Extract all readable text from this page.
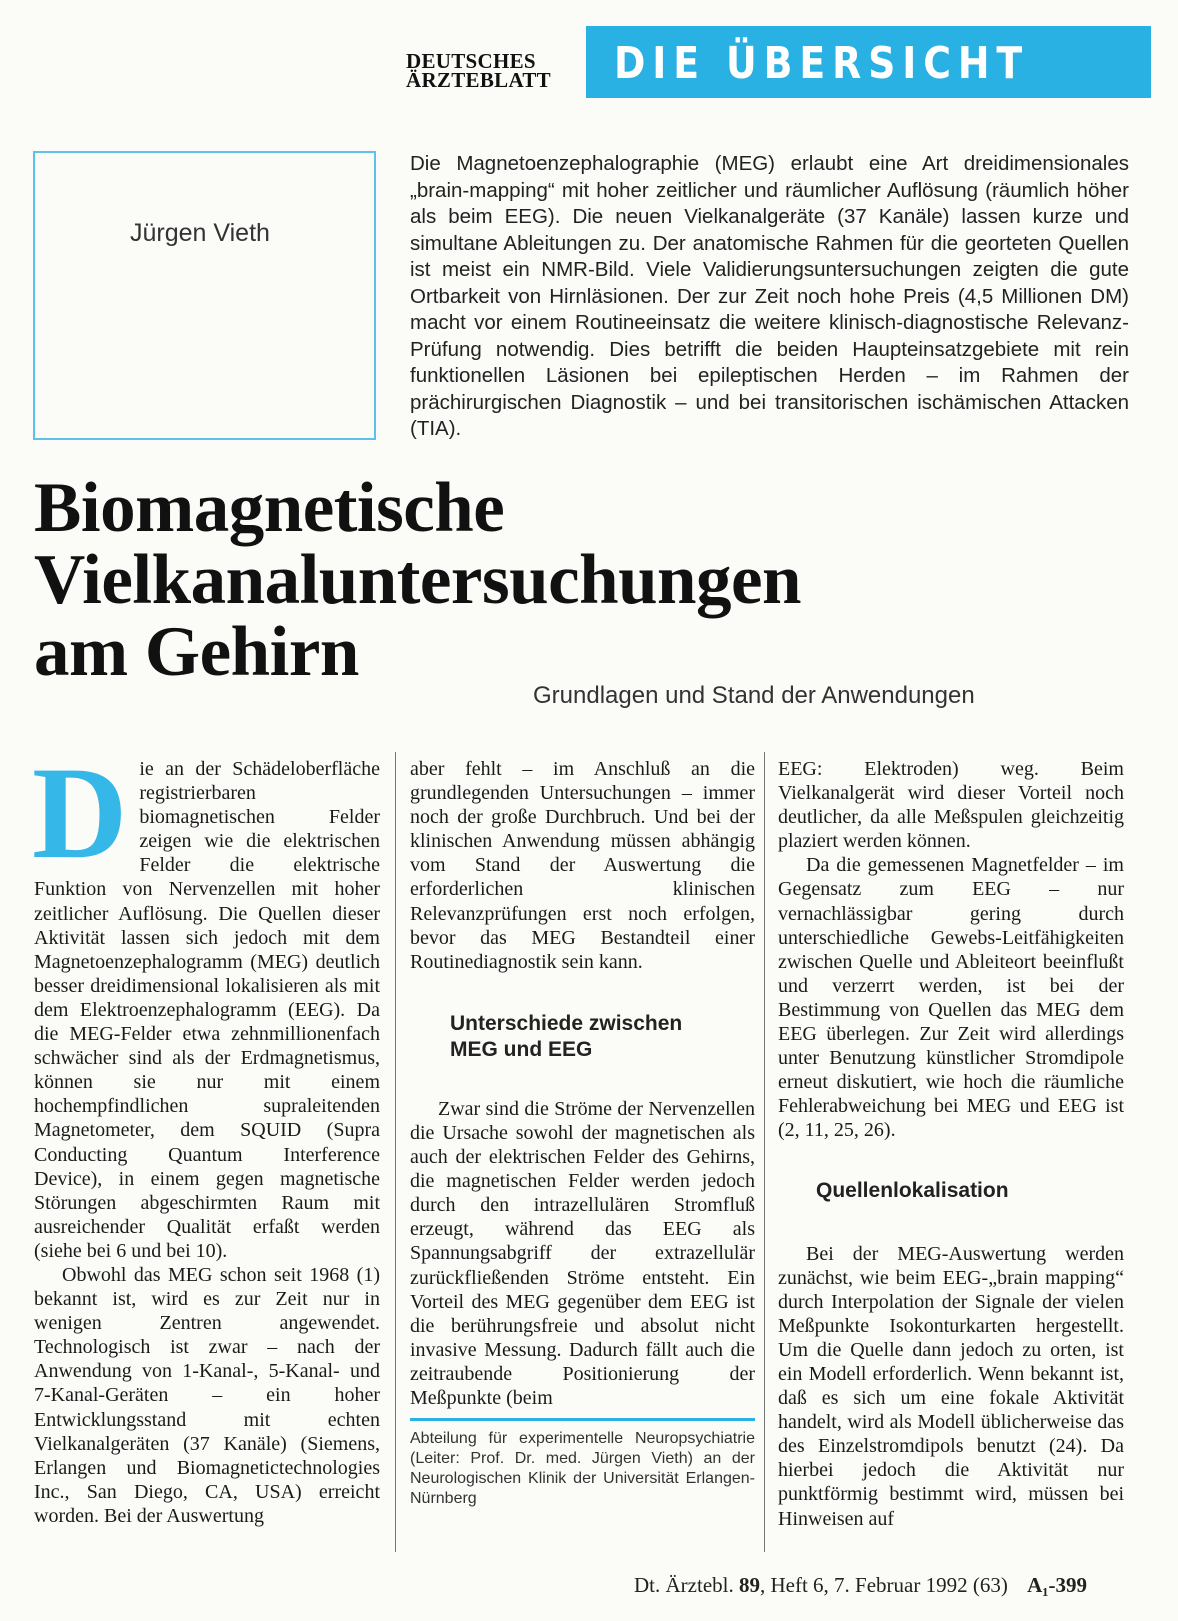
DEUTSCHES
ÄRZTEBLATT	DIE ÜBERSICHT
Jürgen Vieth
Die Magnetoenzephalographie (MEG) erlaubt eine Art dreidimensionales „brain-mapping“ mit hoher zeitlicher und räumlicher Auflösung (räumlich höher als beim EEG). Die neuen Vielkanalgeräte (37 Kanäle) lassen kurze und simultane Ableitungen zu. Der anatomische Rahmen für die georteten Quellen ist meist ein NMR-Bild. Viele Validierungsuntersuchungen zeigten die gute Ortbarkeit von Hirnläsionen. Der zur Zeit noch hohe Preis (4,5 Millionen DM) macht vor einem Routineeinsatz die weitere klinisch-diagnostische Relevanz-Prüfung notwendig. Dies betrifft die beiden Haupteinsatzgebiete mit rein funktionellen Läsionen bei epileptischen Herden – im Rahmen der prächirurgischen Diagnostik – und bei transitorischen ischämischen Attacken (TIA).
Biomagnetische
Vielkanaluntersuchungen
am Gehirn
Grundlagen und Stand der Anwendungen

Die an der Schädeloberfläche registrierbaren biomagnetischen Felder zeigen wie die elektrischen Felder die elektrische Funktion von Nervenzellen mit hoher zeitlicher Auflösung. Die Quellen dieser Aktivität lassen sich jedoch mit dem Magnetoenzephalogramm (MEG) deutlich besser dreidimensional lokalisieren als mit dem Elektroenzephalogramm (EEG). Da die MEG-Felder etwa zehnmillionenfach schwächer sind als der Erdmagnetismus, können sie nur mit einem hochempfindlichen supraleitenden Magnetometer, dem SQUID (Supra Conducting Quantum Interference Device), in einem gegen magnetische Störungen abgeschirmten Raum mit ausreichender Qualität erfaßt werden (siehe bei 6 und bei 10).

Obwohl das MEG schon seit 1968 (1) bekannt ist, wird es zur Zeit nur in wenigen Zentren angewendet. Technologisch ist zwar – nach der Anwendung von 1-Kanal-, 5-Kanal- und 7-Kanal-Geräten – ein hoher Entwicklungsstand mit echten Vielkanalgeräten (37 Kanäle) (Siemens, Erlangen und Biomagnetictechnologies Inc., San Diego, CA, USA) erreicht worden. Bei der Auswertung

aber fehlt – im Anschluß an die grundlegenden Untersuchungen – immer noch der große Durchbruch. Und bei der klinischen Anwendung müssen abhängig vom Stand der Auswertung die erforderlichen klinischen Relevanzprüfungen erst noch erfolgen, bevor das MEG Bestandteil einer Routinediagnostik sein kann.

Unterschiede zwischen
MEG und EEG

Zwar sind die Ströme der Nervenzellen die Ursache sowohl der magnetischen als auch der elektrischen Felder des Gehirns, die magnetischen Felder werden jedoch durch den intrazellulären Stromfluß erzeugt, während das EEG als Spannungsabgriff der extrazellulär zurückfließenden Ströme entsteht. Ein Vorteil des MEG gegenüber dem EEG ist die berührungsfreie und absolut nicht invasive Messung. Dadurch fällt auch die zeitraubende Positionierung der Meßpunkte (beim

Abteilung für experimentelle Neuropsychiatrie (Leiter: Prof. Dr. med. Jürgen Vieth) an der Neurologischen Klinik der Universität Erlangen-Nürnberg

EEG: Elektroden) weg. Beim Vielkanalgerät wird dieser Vorteil noch deutlicher, da alle Meßspulen gleichzeitig plaziert werden können.

Da die gemessenen Magnetfelder – im Gegensatz zum EEG – nur vernachlässigbar gering durch unterschiedliche Gewebs-Leitfähigkeiten zwischen Quelle und Ableiteort beeinflußt und verzerrt werden, ist bei der Bestimmung von Quellen das MEG dem EEG überlegen. Zur Zeit wird allerdings unter Benutzung künstlicher Stromdipole erneut diskutiert, wie hoch die räumliche Fehlerabweichung bei MEG und EEG ist (2, 11, 25, 26).

Quellenlokalisation

Bei der MEG-Auswertung werden zunächst, wie beim EEG-„brain mapping“ durch Interpolation der Signale der vielen Meßpunkte Isokonturkarten hergestellt. Um die Quelle dann jedoch zu orten, ist ein Modell erforderlich. Wenn bekannt ist, daß es sich um eine fokale Aktivität handelt, wird als Modell üblicherweise das des Einzelstromdipols benutzt (24). Da hierbei jedoch die Aktivität nur punktförmig bestimmt wird, müssen bei Hinweisen auf

Dt. Ärztebl. 89, Heft 6, 7. Februar 1992 (63) A₁-399
